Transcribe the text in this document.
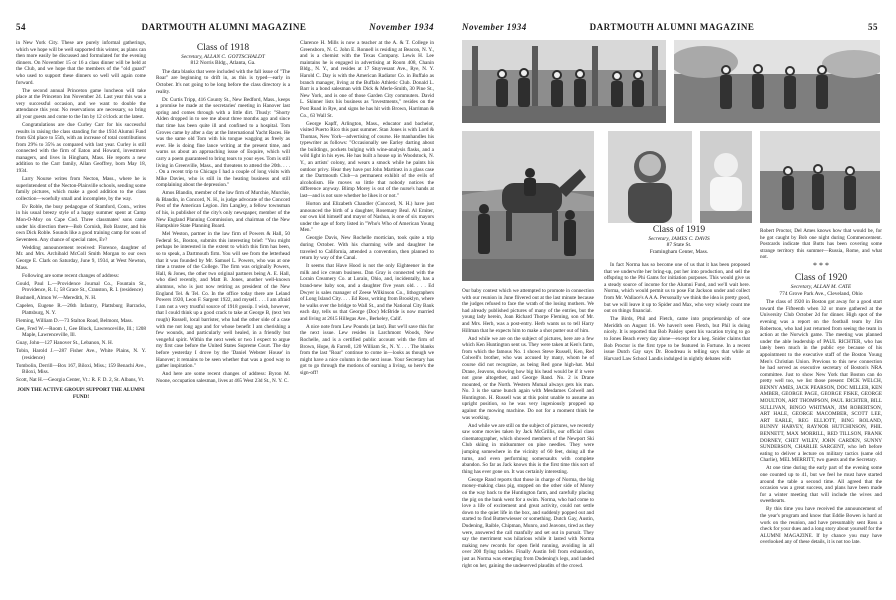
54	DARTMOUTH ALUMNI MAGAZINE	November 1934

in New York City. These are purely informal gatherings, which we hope will be well supported this winter, as plans can then more easily be discussed and formulated for the evening dinners. On November 15 or 16 a class dinner will be held at the Club, and we hope that the members of the "old guard" who used to support these dinners so well will again come forward.

The second annual Princeton game luncheon will take place at the Princeton Inn November 24. Last year this was a very successful occasion, and we want to double the attendance this year. No reservations are necessary, so bring all your guests and come to the Inn by 12 o'clock at the latest.

Congratulations are due Curley Carr for his successful results in raising the class standing for the 1934 Alumni Fund from 62d place to 55th, with an increase of total contributions from 29% to 35% as compared with last year. Curley is still connected with the firm of Eaton and Howard, investment managers, and lives in Hingham, Mass. He reports a new addition to the Carr family, Allan Geoffrey, born May 18, 1934.

Larry Nourse writes from Necton, Mass., where he is superintendent of the Necton-Plainville schools, sending some family pictures, which make a good addition to the class collection—woefully small and incomplete, by the way.

Ev Roble, the busy pedagogue of Stamford, Conn., writes in his usual breezy style of a happy summer spent at Camp Mon-O-Moy on Cape Cod. Three classmates' sons came under his direction there—Bob Cornish, Bob Baxter, and his own Dick Roble. Sounds like a good training camp for sons of Seventeen. Any chance of special rates, Ev?

Wedding announcement received: Florence, daughter of Mr. and Mrs. Archibald McColl Smith Morgan to our own George E. Clark on Saturday, June 9, 1934, at West Newton, Mass.

Following are some recent changes of address:

Gould, Paul L.—Providence Journal Co., Fountain St., Providence, R. I.; 58 Grace St., Cranston, R. I. (residence)

Bushnell, Almon W.—Meredith, N. H.

Capelen, Eugene R.—26th Infantry, Plattsburg Barracks, Plattsburg, N. Y.

Fleming, William D.—73 Stalton Road, Belmont, Mass.

Gee, Fred W.—Room 1, Gee Block, Lawrenceville, Ill.; 1208 Maple, Lawrenceville, Ill.

Guay, John—127 Hanover St., Lebanon, N. H.

Tobin, Harold J.—287 Fisher Ave., White Plains, N. Y. (residence)

Tombolin, Derrill—Box 167, Biloxi, Miss.; 159 Benachi Ave., Biloxi, Miss.

Scott, Nat H.—Georgia Center, Vt.: R. F. D. 2, St. Albans, Vt.

JOIN THE ACTIVE GROUP! SUPPORT THE ALUMNI FUND!

Class of 1918
Secretary, ALLAN C. GOTTSCHALDT
812 Norris Bldg., Atlanta, Ga.

The data blanks that were included with the fall issue of "The Roar" are beginning to drift in, as this is typed—early in October. It's not going to be long before the class directory is a reality.

Dr. Curtis Tripp, 416 County St., New Bedford, Mass., keeps a promise he made at the secretaries' meeting in Hanover last spring and comes through with a little dirt. Thusly: "Shorty Alden dropped in to see me about three months ago and since that time has been quite ill and confined to a hospital. Tom Groves came by after a day at the International Yacht Races. He was the same old Tom with his tongue wagging as freely as ever. He is doing fine lance writing at the present time, and warns us about an approaching issue of Esquire, which will carry a poem guaranteed to bring tears to your eyes. Tom is still living in Greenville, Mass., and threatens to attend the 20th. . . . . On a recent trip to Chicago I had a couple of long visits with Mike Davies, who is still in the heating business and still complaining about the depression."

Amos Blandin, member of the law firm of Murchie, Murchie, & Blandin, in Concord, N. H., is judge advocate of the Concord Post of the American Legion. Jim Langley, a fellow townsman of his, is publisher of the city's only newspaper, member of the New England Planning Commission, and chairman of the New Hampshire State Planning Board.

Mel Weston, partner in the law firm of Powers & Hall, 50 Federal St., Boston, submits this interesting brief: "You might perhaps be interested in the extent to which this firm has been, so to speak, a Dartmouth firm. You will see from the letterhead that it was founded by Mr. Samuel L. Powers, who was at one time a trustee of the College. The firm was originally Powers, Hall, & Jones, the other two original partners being A. E. Hall, who died recently, and Matt B. Jones, another well-known alumnus, who is just now retiring as president of the New England Tel. & Tel. Co. In the office today there are Leland Powers 1920, Leon F. Sargent 1922, and myself. . . . I am afraid I am not a very trustful source of 1918 gossip. I wish, however, that I could think up a good crack to take at George B, (text 'em rough) Russell, local barrister, who had the other side of a case with me not long ago and for whose benefit I am cherishing a few wounds, and particularly well healed, in a friendly but vengeful spirit. Within the next week or two I expect to argue my first case before the United States Supreme Court. The day before yesterday I drove by the 'Daniel Webster House' in Hanover; it remains to be seen whether that was a good way to gather inspiration."

And here are some recent changes of address: Byron M. Noone, occupation salesman, lives at 465 West 23d St., N. Y. C.

Clarence H. Mills is now a teacher at the A. & T. College in Greensboro, N. C. John E. Ronnell is residing at Beacon, N. Y., and is a chemist with the Texas Company. Lewis H. Lee maintains he is engaged in advertising at Room 408, Chanin Bldg., N. Y., and resides at 17 Stuyvesant Ave., Rye, N. Y. Harold C. Day is with the American Radiator Co. in Buffalo as branch manager, living at the Buffalo Athletic Club. Donald L. Barr is a bond salesman with Dick & Merle-Smith, 30 Pine St., New York, and is one of those Garden City commuters. David L. Skinner lists his business as "investments," resides on the Post Road in Rye, and signs he has hit with Brown, Harriman & Co., 63 Wall St.

George Kapff, Arlington, Mass., educator and bachelor, visited Puerto Rico this past summer. Stan Jones is with Lord & Thomas, New York—advertising of course. He manhandles his typewriter as follows: "Occasionally see Earley darting about the buildings, pockets bulging with wine-analysis flasks, and a wild light in his eyes. He has built a house up in Woodstock, N. Y., an artists' colony, and wears a smock while he paints his outdoor privy. Hear they have put John Martinez in a glass case at the Dartmouth Club—a permanent exhibit of the evils of alcoholism. He moves so little that nobody notices the difference anyway. Blimp Morey is out of the nurse's hands at last—and is not sure whether he likes it or not."

Horton and Elizabeth Chandler (Concord, N. H.) have just announced the birth of a daughter, Rosemary Beal. Al Emiter, our own kid himself and mayor of Nashua, is one of six mayors under the age of forty listed in "Who's Who of American Young Men."

Georgie Davis, New Rochelle mortician, took quite a trip during October. With his charming wife and daughter he traveled to California, attended a convention, then planned to return by way of the Canal.

It seems that Have Hood is not the only Eighteener in the milk and ice cream business. Dan Gray is connected with the Lorain Creamery Co. at Lorain, Ohio, and, incidentally, has a brand-new baby son, and a daughter five years old. . . . Ed Dwyer is sales manager of Zeese Wilkinson Co., lithographers of Long Island City. . . . Ed Ross, writing from Brooklyn, where he walks over the bridge to Wall St., and the National City Bank each day, tells us that George (Doc) McBride is now married and living at 2615 Hillegas Ave., Berkeley, Calif.

A nice note from Lew Pounds (at last). But we'll save this for the next issue. Lew resides in Larchmont Woods, New Rochelle, and is a certified public account with the firm of Brown, Hope, & Farrell, 120 William St., N. Y. . . . The blanks from the last "Roar" continue to come in—looks as though we might have a nice column in the next issue. Your Secretary has got to go through the motions of earning a living, so here's the sign-off!

November 1934	DARTMOUTH ALUMNI MAGAZINE	55
Class of 1919
Secretary, JAMES C. DAVIS
87 State St.
Framingham Center, Mass.

Our baby contest which we attempted to promote in connection with our reunion in June flivered out at the last minute because the judges refused to face the wrath of the losing mothers. We had already published pictures of many of the entries, but the young lady herein, Joan Richard Thorpe Fleming, son of Mr. and Mrs. Herb, was a post-entry. Herb wants us to tell Harry Hillman that he expects him to make a shot putter out of him.

And while we are on the subject of pictures, here are a few which Ken Huntington sent us. They were taken at Ken's farm, from which the famous No. 1 shows Steve Russell, Ken, Red Colwell's brother, who was accused by many, whom he of course did not recognize, as being Red gone high-hat. Mal Drane, Jeavons, showing how big his head would be if it were not gone altogether, and George Rand. No. 2 is Drane mounted, or the North. Western Mutual always gets his man. No. 3 is the same bunch again with Mesdames Colwell and Huntington. H. Russell was at this point unable to assume an upright position, so he was very ingeniously propped up against the mowing machine. Do not for a moment think he was working.

And while we are still on the subject of pictures, we recently saw some movies taken by Jack McGrillis, our official class cinematographer, which showed members of the Newport Ski Club skiing in midsummer on pine needles. They were jumping somewhere in the vicinity of 60 feet, doing all the turns, and even performing somersaults with complete abandon. So far as Jack knows this is the first time this sort of thing has ever gone on. It was certainly interesting.

George Rand reports that those in charge of Norma, the big money-making class pig, stopped on the other side of Morey on the way back to the Huntington farm, and carefully placing the pig on the bank went for a swim. Norma, who had come to love a life of excitement and great activity, could not settle down to the quiet life in the box, and suddenly popped out and started to find Butterwiesser or something. Dutch Gay, Austin, Dudening, Raible, Chipman, Munro, and Jeavons, tired as they were, answered the call manfully and set out in pursuit. They say the merriment was hilarious while it lasted with Norma making new records for open field running, avoiding in all over 200 flying tackles. Finally Austin fell from exhaustion, just as Norma was emerging from Dudening's legs, and landed right on her, gaining the undeserved plaudits of the crowd.

In fact Norma has so become one of us that it has been proposed that we underwrite her bring-up, put her into production, and sell the offspring to the Phi Gams for initiation purposes. This would give us a steady source of income for the Alumni Fund, and we'll wait here. Norma, which would permit us to pose Fat Jackson under and collect from Mr. Wallace's A A A. Personally we think the idea is pretty good, but we will leave it up to Spider and Max, who very wisely count me out on things financial.

The Birds, Phil and Fletch, came into proprietorship of one Meridith on August 16. We haven't seen Fletch, but Phil is doing nicely. It is reported that Bob Paisley spent his vacation trying to go to Jones Beach every day alone—except for a keg. Snider claims that Bob Proctor is the first type to be featured in Fortune. In a recent issue Dutch Gay says Dr. Boudreau is telling says that while at Harvard Law School Landis indulged in nightly debates with

Robert Proctor, Del Ames knows how that would be, for he got caught by Bob one night during Commencement. Postcards indicate that Butts has been covering some strange territory this summer—Russia, Rome, and what not.

* * *

Class of 1920
Secretary, ALLAN M. CATE
774 Grove Park Ave., Cleveland, Ohio

The class of 1920 in Boston got away for a good start toward the Fifteenth when 32 or more gathered at the University Club October 2d for dinner. High spot of the evening was a report on the football team by Jim Robertson, who had just returned from seeing the team in action at the Norwich game. The meeting was planned under the able leadership of PAUL RICHTER, who has lately been much in the public eye because of his appointment to the executive staff of the Boston Young Men's Christian Union. Previous to this new connection he had served as executive secretary of Boston's NRA committee. Just to show New York that Boston can do pretty well too, we list those present: DICK WELCH, BENNY AMES, JACK PEARSON, DOC MILLER, KEN AMBER, GEORGE PAGE, GEORGE FISKE, GEORGE MOULTON, ART THOMPSON, PAUL RICHTER, BILL SULLIVAN, BINGO WHITMAN, JIM ROBERTSON, ART HALE, GEORGE MACOMBER, SCOTT LEE, ART EARLE, REG ELLIOTT, BING ROLAND, BUNNY HARVEY, RAYNOR HUTCHINSON, PHIL BENNETT, MAX MORRILL, RED TILLSON, FRANK DORNEY, CHET WILEY, JOHN CARDEN, SUNNY SUNDERSON, CHARLIE SARGENT, who left before eating to deliver a lecture on military tactics (same old Charlie), MEL MERRITT, two guests and the Secretary.

At one time during the early part of the evening some one counted up to 41, but we feel he must have started around the table a second time. All agreed that the occasion was a great success, and plans have been made for a winter meeting that will include the wives and sweethearts.

By this time you have received the announcement of the year's program and know that Eddie Bowen is hard at work on the reunion, and have presumably sent Ross a check for your dues and a long story about yourself for the ALUMNI MAGAZINE. If by chance you may have overlooked any of these details, it is not too late.
